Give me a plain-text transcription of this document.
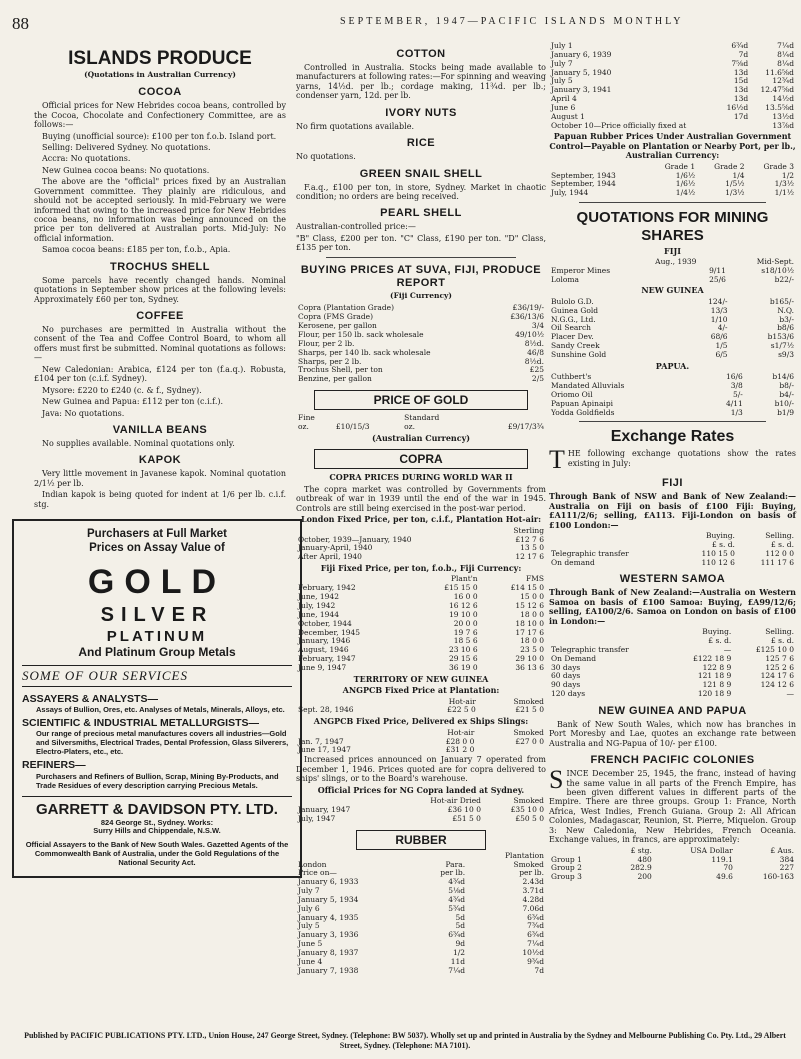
88	SEPTEMBER, 1947—PACIFIC ISLANDS MONTHLY
ISLANDS PRODUCE
(Quotations in Australian Currency)
COCOA

Official prices for New Hebrides cocoa beans, controlled by the Cocoa, Chocolate and Confectionery Committee, are as follows:—

Buying (unofficial source): £100 per ton f.o.b. Island port.

Selling: Delivered Sydney. No quotations.

Accra: No quotations.

New Guinea cocoa beans: No quotations.

The above are the "official" prices fixed by an Australian Government committee. They plainly are ridiculous, and should not be accepted seriously. In mid-February we were informed that owing to the increased price for New Hebrides cocoa beans, no information was being announced on the price per ton delivered at Australian ports. Mid-July: No official information.

Samoa cocoa beans: £185 per ton, f.o.b., Apia.

TROCHUS SHELL

Some parcels have recently changed hands. Nominal quotations in September show prices at the following levels: Approximately £60 per ton, Sydney.

COFFEE

No purchases are permitted in Australia without the consent of the Tea and Coffee Control Board, to whom all offers must first be submitted. Nominal quotations as follows:—

New Caledonian: Arabica, £124 per ton (f.a.q.). Robusta, £104 per ton (c.i.f. Sydney).

Mysore: £220 to £240 (c. & f., Sydney).

New Guinea and Papua: £112 per ton (c.i.f.).

Java: No quotations.

VANILLA BEANS

No supplies available. Nominal quotations only.

KAPOK

Very little movement in Javanese kapok. Nominal quotation 2/1½ per lb.

Indian kapok is being quoted for indent at 1/6 per lb. c.i.f. stg.

Purchasers at Full Market
Prices on Assay Value of
GOLD
SILVER
PLATINUM
And Platinum Group Metals
SOME OF OUR SERVICES
ASSAYERS & ANALYSTS—
Assays of Bullion, Ores, etc. Analyses of Metals, Minerals, Alloys, etc.
SCIENTIFIC & INDUSTRIAL METALLURGISTS—
Our range of precious metal manufactures covers all industries—Gold and Silversmiths, Electrical Trades, Dental Profession, Glass Silverers, Electro-Platers, etc., etc.
REFINERS—
Purchasers and Refiners of Bullion, Scrap, Mining By-Products, and Trade Residues of every description carrying Precious Metals.
GARRETT & DAVIDSON PTY. LTD.
824 George St., Sydney. Works:
Surry Hills and Chippendale, N.S.W.
Official Assayers to the Bank of New South Wales. Gazetted Agents of the Commonwealth Bank of Australia, under the Gold Regulations of the National Security Act.
COTTON

Controlled in Australia. Stocks being made available to manufacturers at following rates:—For spinning and weaving yarns, 14½d. per lb.; cordage making, 11¾d. per lb.; condenser yarn, 12d. per lb.

IVORY NUTS

No firm quotations available.

RICE

No quotations.

GREEN SNAIL SHELL

F.a.q., £100 per ton, in store, Sydney. Market in chaotic condition; no orders are being received.

PEARL SHELL

Australian-controlled price:—

"B" Class, £200 per ton. "C" Class, £190 per ton. "D" Class, £135 per ton.

BUYING PRICES AT SUVA, FIJI, PRODUCE REPORT
(Fiji Currency)
Copra (Plantation Grade)	£36/19/-
Copra (FMS Grade)	£36/13/6
Kerosene, per gallon	3/4
Flour, per 150 lb. sack wholesale	49/10½
Flour, per 2 lb.	8½d.
Sharps, per 140 lb. sack wholesale	46/8
Sharps, per 2 lb.	8½d.
Trochus Shell, per ton	£25
Benzine, per gallon	2/5
PRICE OF GOLD
Fine		Standard	
oz.	£10/15/3	oz.	£9/17/3¾
(Australian Currency)
COPRA
COPRA PRICES DURING WORLD WAR II

The copra market was controlled by Governments from outbreak of war in 1939 until the end of the war in 1945. Controls are still being exercised in the post-war period.

London Fixed Price, per ton, c.i.f., Plantation Hot-air:
	Sterling
October, 1939—January, 1940	£12 7 6
January-April, 1940	13 5 0
After April, 1940	12 17 6
Fiji Fixed Price, per ton, f.o.b., Fiji Currency:
	Plant'n	FMS
February, 1942	£15 15 0	£14 15 0
June, 1942	16 0 0	15 0 0
July, 1942	16 12 6	15 12 6
June, 1944	19 10 0	18 0 0
October, 1944	20 0 0	18 10 0
December, 1945	19 7 6	17 17 6
January, 1946	18 5 6	18 0 0
August, 1946	23 10 6	23 5 0
February, 1947	29 15 6	29 10 0
June 9, 1947	36 19 0	36 13 6
TERRITORY OF NEW GUINEA
ANGPCB Fixed Price at Plantation:
	Hot-air	Smoked
Sept. 28, 1946	£22 5 0	£21 5 0
ANGPCB Fixed Price, Delivered ex Ships Slings:
	Hot-air	Smoked
Jan. 7, 1947	£28 0 0	£27 0 0
June 17, 1947	£31 2 0	

Increased prices announced on January 7 operated from December 1, 1946. Prices quoted are for copra delivered to ships' slings, or to the Board's warehouse.

Official Prices for NG Copra landed at Sydney.
	Hot-air Dried	Smoked
January, 1947	£36 10 0	£35 10 0
July, 1947	£51 5 0	£50 5 0
RUBBER
		Plantation
London	Para.	Smoked
Price on—	per lb.	per lb.
January 6, 1933	4¾d	2.43d
July 7	5⅛d	3.71d
January 5, 1934	4¾d	4.28d
July 6	5¾d	7.06d
January 4, 1935	5d	6¾d
July 5	5d	7¾d
January 3, 1936	6¾d	6¾d
June 5	9d	7¼d
January 8, 1937	1/2	10½d
June 4	11d	9¾d
January 7, 1938	7¼d	7d
July 1	6¾d	7¼d
January 6, 1939	7d	8¼d
July 7	7⅝d	8¼d
January 5, 1940	13d	11.6⅝d
July 5	15d	12¾d
January 3, 1941	13d	12.47⅝d
April 4	13d	14½d
June 6	16½d	13.5⅝d
August 1	17d	13½d
October 10—Price officially fixed at		13⅞d
Papuan Rubber Prices Under Australian Government Control—Payable on Plantation or Nearby Port, per lb., Australian Currency:
	Grade 1	Grade 2	Grade 3
September, 1943	1/6½	1/4	1/2
September, 1944	1/6½	1/5½	1/3½
July, 1944	1/4½	1/3½	1/1½
QUOTATIONS FOR MINING SHARES
FIJI
	Aug., 1939	Mid-Sept.
Emperor Mines	9/11	s18/10½
Loloma	25/6	b22/-
NEW GUINEA
Bulolo G.D.	124/-	b165/-
Guinea Gold	13/3	N.Q.
N.G.G., Ltd.	1/10	b3/-
Oil Search	4/-	b8/6
Placer Dev.	68/6	b153/6
Sandy Creek	1/5	s1/7½
Sunshine Gold	6/5	s9/3
PAPUA.
Cuthbert's	16/6	b14/6
Mandated Alluvials	3/8	b8/-
Oriomo Oil	5/-	b4/-
Papuan Apinaipi	4/11	b10/-
Yodda Goldfields	1/3	b1/9
Exchange Rates

THE following exchange quotations show the rates existing in July:

FIJI

Through Bank of NSW and Bank of New Zealand:—Australia on Fiji on basis of £100 Fiji: Buying, £A111/2/6; selling, £A113. Fiji-London on basis of £100 London:—

	Buying.	Selling.
	£ s. d.	£ s. d.
Telegraphic transfer	110 15 0	112 0 0
On demand	110 12 6	111 17 6
WESTERN SAMOA

Through Bank of New Zealand:—Australia on Western Samoa on basis of £100 Samoa: Buying, £A99/12/6; selling, £A100/2/6. Samoa on London on basis of £100 in London:—

	Buying.	Selling.
	£ s. d.	£ s. d.
Telegraphic transfer	—	£125 10 0
On Demand	£122 18 9	125 7 6
30 days	122 8 9	125 2 6
60 days	121 18 9	124 17 6
90 days	121 8 9	124 12 6
120 days	120 18 9	—
NEW GUINEA AND PAPUA

Bank of New South Wales, which now has branches in Port Moresby and Lae, quotes an exchange rate between Australia and NG-Papua of 10/- per £100.

FRENCH PACIFIC COLONIES

SINCE December 25, 1945, the franc, instead of having the same value in all parts of the French Empire, has been given different values in different parts of the Empire. There are three groups. Group 1: France, North Africa, West Indies, French Guiana. Group 2: All African Colonies, Madagascar, Reunion, St. Pierre, Miquelon. Group 3: New Caledonia, New Hebrides, French Oceania. Exchange values, in francs, are approximately:

	£ stg.	USA Dollar	£ Aus.
Group 1	480	119.1	384
Group 2	282.9	70	227
Group 3	200	49.6	160-163
Published by PACIFIC PUBLICATIONS PTY. LTD., Union House, 247 George Street, Sydney. (Telephone: BW 5037). Wholly set up and printed in Australia by the Sydney and Melbourne Publishing Co. Pty. Ltd., 29 Albert Street, Sydney. (Telephone: MA 7101).
